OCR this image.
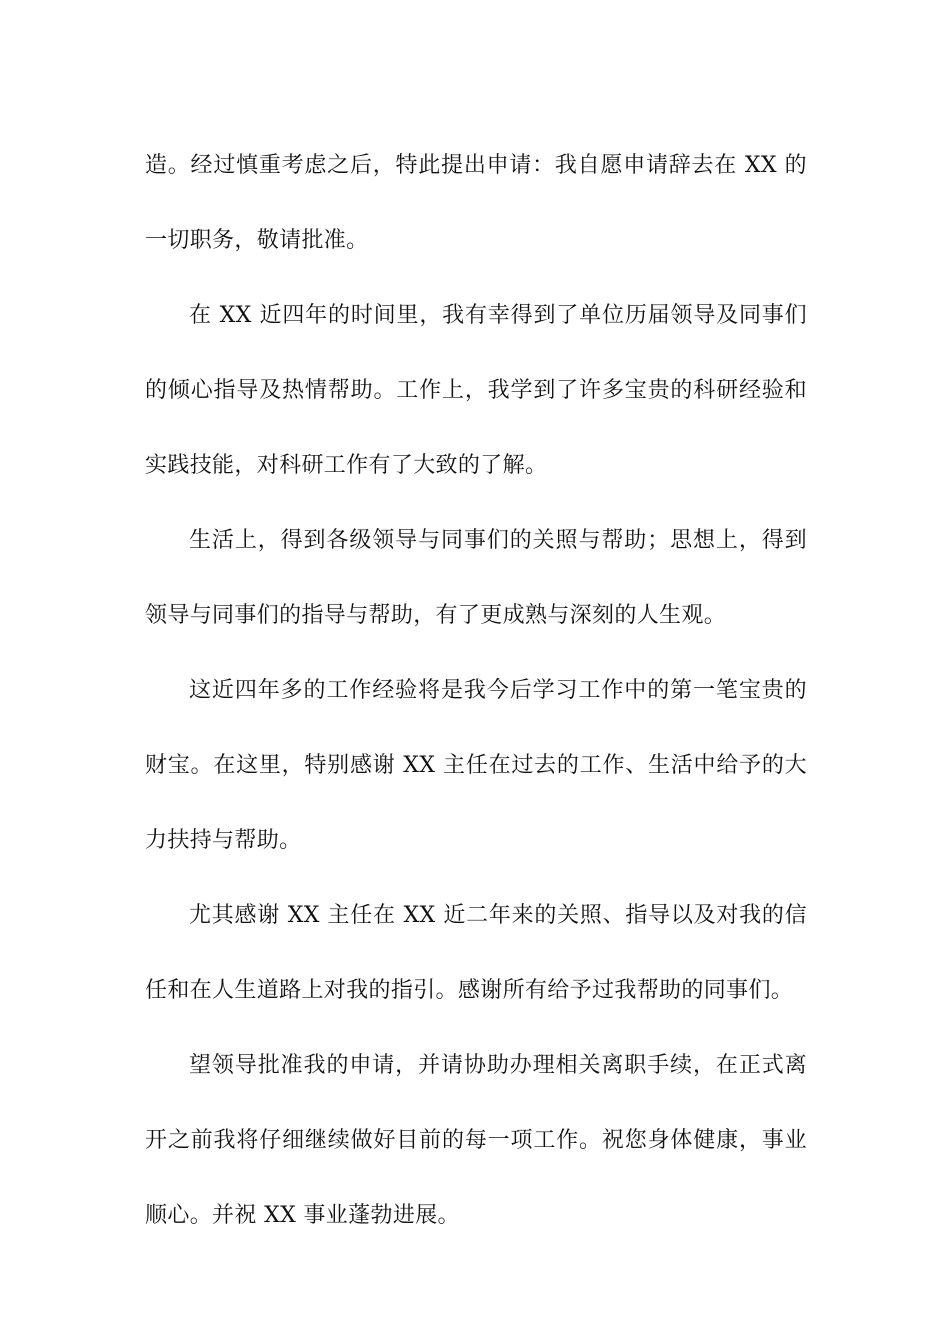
造。经过慎重考虑之后，特此提出申请：我自愿申请辞去在 XX 的一切职务，敬请批准。

在 XX 近四年的时间里，我有幸得到了单位历届领导及同事们的倾心指导及热情帮助。工作上，我学到了许多宝贵的科研经验和实践技能，对科研工作有了大致的了解。

生活上，得到各级领导与同事们的关照与帮助；思想上，得到领导与同事们的指导与帮助，有了更成熟与深刻的人生观。

这近四年多的工作经验将是我今后学习工作中的第一笔宝贵的财宝。在这里，特别感谢 XX 主任在过去的工作、生活中给予的大力扶持与帮助。

尤其感谢 XX 主任在 XX 近二年来的关照、指导以及对我的信任和在人生道路上对我的指引。感谢所有给予过我帮助的同事们。

望领导批准我的申请，并请协助办理相关离职手续，在正式离开之前我将仔细继续做好目前的每一项工作。祝您身体健康，事业顺心。并祝 XX 事业蓬勃进展。
